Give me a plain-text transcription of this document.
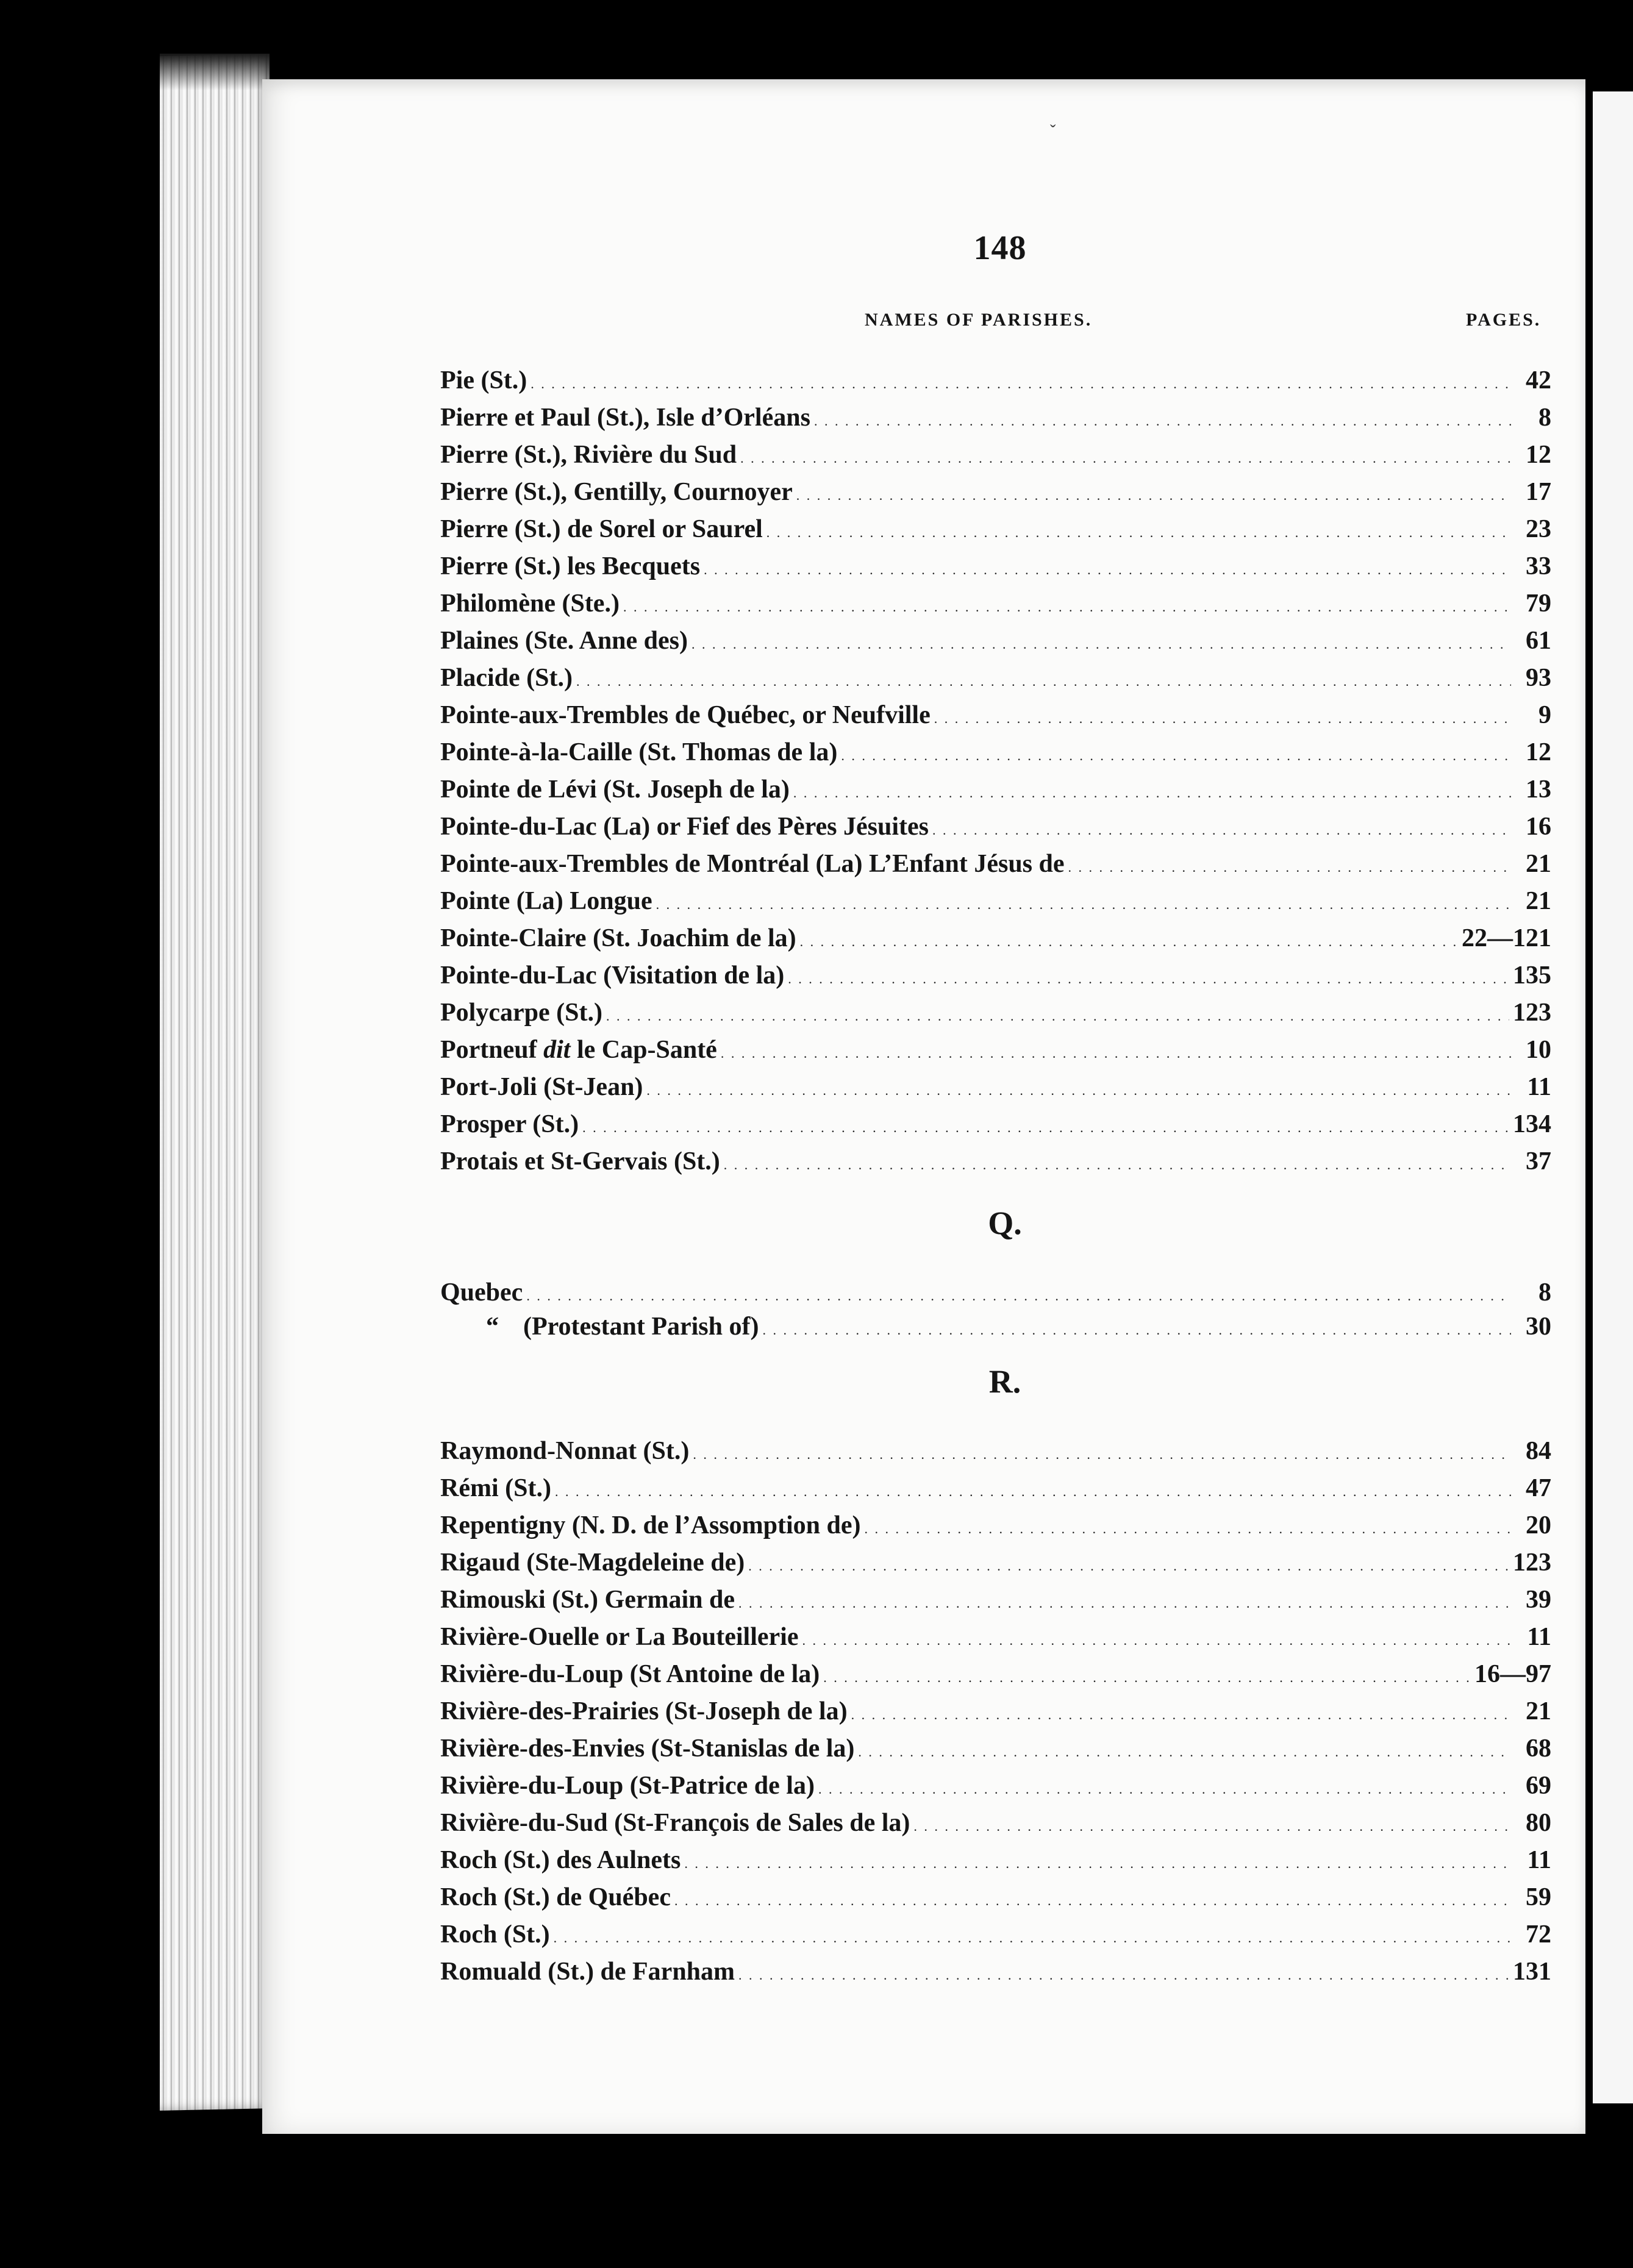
ˇ
148
NAMES OF PARISHES.	PAGES.
Pie (St.) . . .	42
Pierre et Paul (St.), Isle d’Orléans . . .	8
Pierre (St.), Rivière du Sud . . .	12
Pierre (St.), Gentilly, Cournoyer . . .	17
Pierre (St.) de Sorel or Saurel . . .	23
Pierre (St.) les Becquets . . .	33
Philomène (Ste.) . . .	79
Plaines (Ste. Anne des) . . .	61
Placide (St.) . . .	93
Pointe-aux-Trembles de Québec, or Neufville . . .	9
Pointe-à-la-Caille (St. Thomas de la) . . .	12
Pointe de Lévi (St. Joseph de la) . . .	13
Pointe-du-Lac (La) or Fief des Pères Jésuites . . .	16
Pointe-aux-Trembles de Montréal (La) L’Enfant Jésus de . . .	21
Pointe (La) Longue . . .	21
Pointe-Claire (St. Joachim de la) . . .	22—121
Pointe-du-Lac (Visitation de la) . . .	135
Polycarpe (St.) . . .	123
Portneuf dit le Cap-Santé . . .	10
Port-Joli (St-Jean) . . .	11
Prosper (St.) . . .	134
Protais et St-Gervais (St.) . . .	37
Quebec . . .	8
“ (Protestant Parish of) . . .	30
Raymond-Nonnat (St.) . . .	84
Rémi (St.) . . .	47
Repentigny (N. D. de l’Assomption de) . . .	20
Rigaud (Ste-Magdeleine de) . . .	123
Rimouski (St.) Germain de . . .	39
Rivière-Ouelle or La Bouteillerie . . .	11
Rivière-du-Loup (St Antoine de la) . . .	16—97
Rivière-des-Prairies (St-Joseph de la) . . .	21
Rivière-des-Envies (St-Stanislas de la) . . .	68
Rivière-du-Loup (St-Patrice de la) . . .	69
Rivière-du-Sud (St-François de Sales de la) . . .	80
Roch (St.) des Aulnets . . .	11
Roch (St.) de Québec . . .	59
Roch (St.) . . .	72
Romuald (St.) de Farnham . . .	131
Q.
R.
